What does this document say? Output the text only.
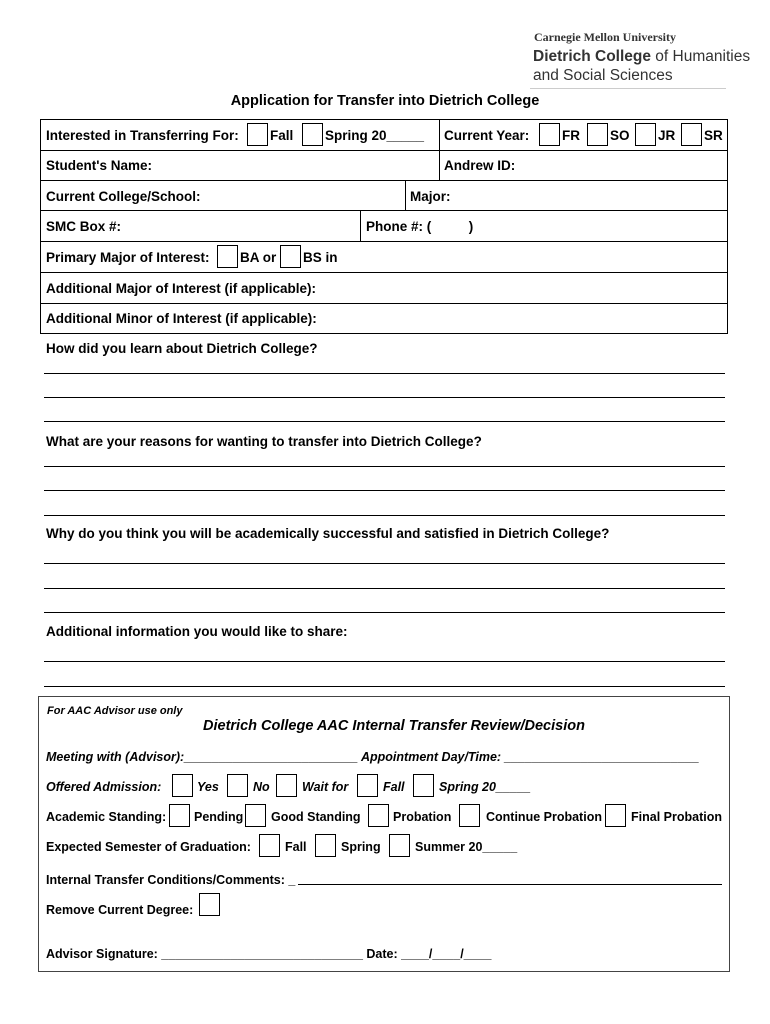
Carnegie Mellon University
Dietrich College of Humanities
and Social Sciences
Application for Transfer into Dietrich College
Interested in Transferring For: Fall Spring 20_____ Current Year: FR SO JR SR
Student's Name:	Andrew ID:
Current College/School:	Major:
SMC Box #:	Phone #: (          )
Primary Major of Interest: BA or BS in
Additional Major of Interest (if applicable):
Additional Minor of Interest (if applicable):
How did you learn about Dietrich College?
What are your reasons for wanting to transfer into Dietrich College?
Why do you think you will be academically successful and satisfied in Dietrich College?
Additional information you would like to share:
For AAC Advisor use only
Dietrich College AAC Internal Transfer Review/Decision
Meeting with (Advisor):_________________________ Appointment Day/Time: ____________________________
Offered Admission:	Yes	No	Wait for	Fall	Spring 20_____
Academic Standing: Pending Good Standing	Probation	Continue Probation Final Probation
Expected Semester of Graduation:	Fall	Spring	Summer 20_____
Internal Transfer Conditions/Comments: _
Remove Current Degree:
Advisor Signature: _____________________________ Date: ____/____/____
